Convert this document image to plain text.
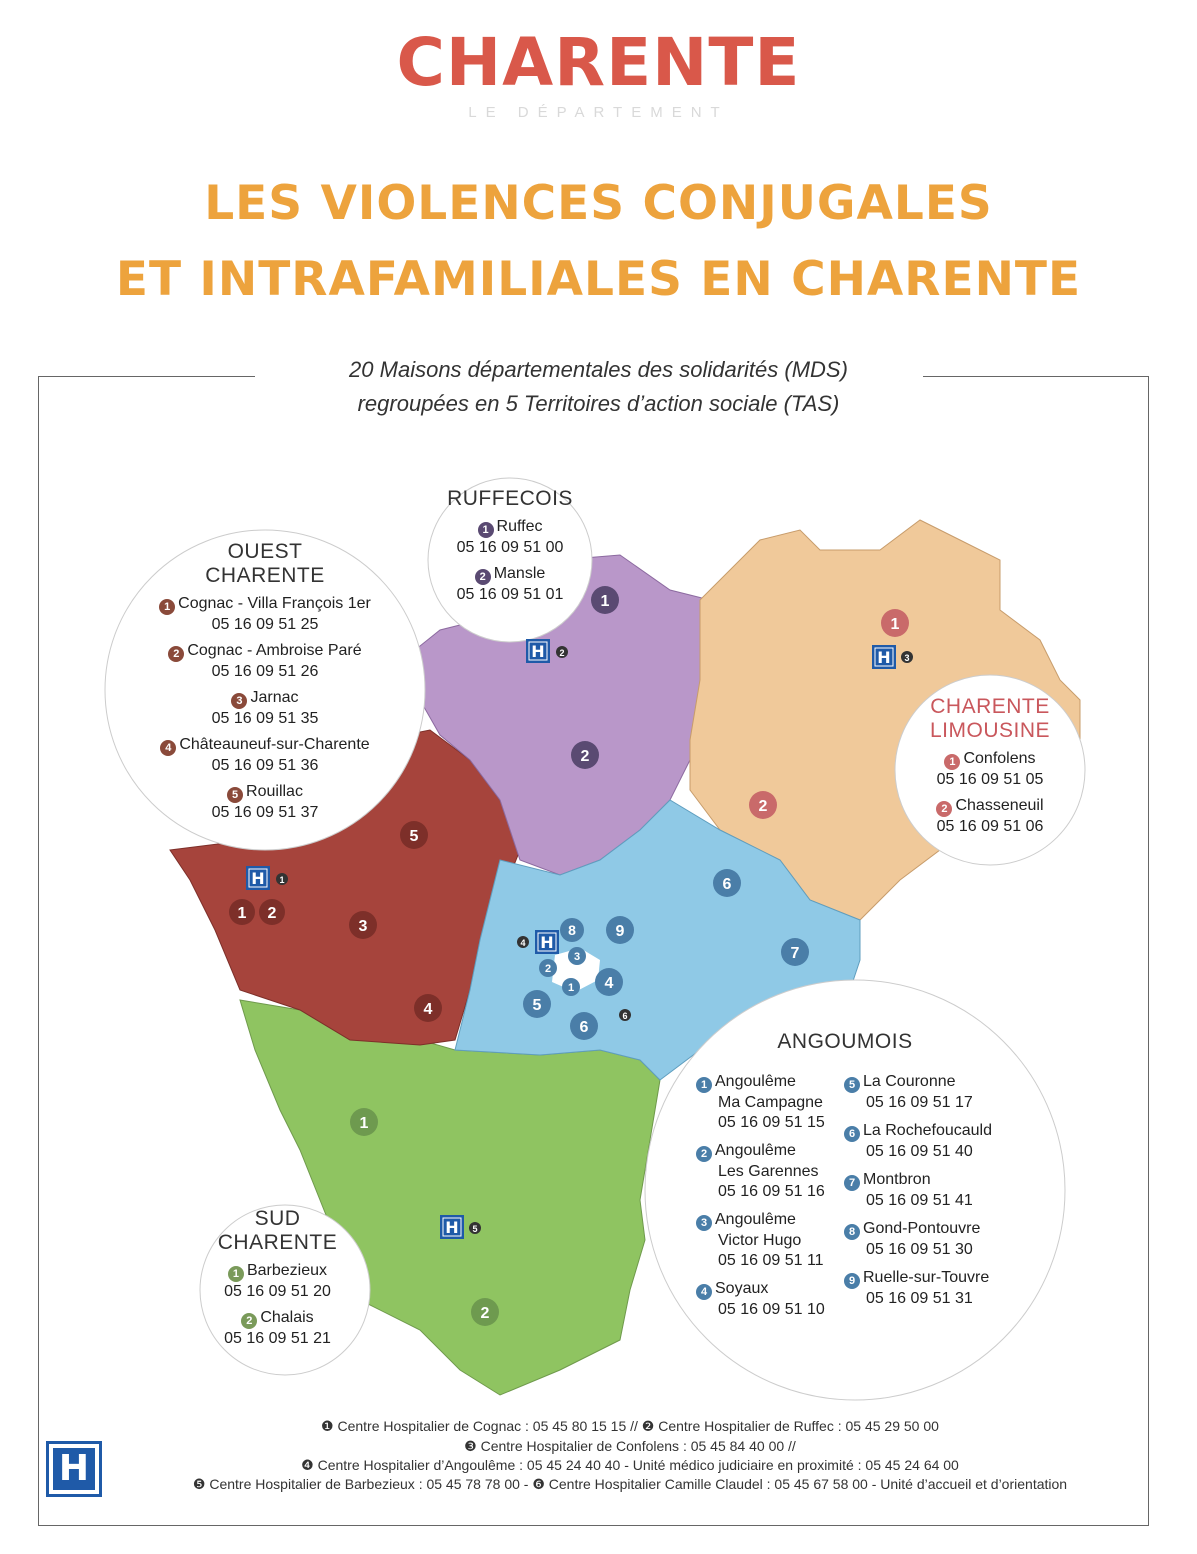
CHARENTE
LE DÉPARTEMENT
LES VIOLENCES CONJUGALES
ET INTRAFAMILIALES EN CHARENTE
20 Maisons départementales des solidarités (MDS)
regroupées en 5 Territoires d’action sociale (TAS)
1
2
1 2
3
4
5
1
2
1
2
3
4
5
6
7
8 9
6
1
2
H 1
H 2	H 3
4 H
H 5
6
RUFFECOIS
1 Ruffec
05 16 09 51 00
2 Mansle
05 16 09 51 01
OUEST
CHARENTE
1 Cognac - Villa François 1er
05 16 09 51 25
2 Cognac - Ambroise Paré
05 16 09 51 26
3 Jarnac
05 16 09 51 35
4 Châteauneuf-sur-Charente
05 16 09 51 36
5 Rouillac
05 16 09 51 37
CHARENTE
LIMOUSINE
1 Confolens
05 16 09 51 05
2 Chasseneuil
05 16 09 51 06
SUD
CHARENTE
1 Barbezieux
05 16 09 51 20
2 Chalais
05 16 09 51 21
ANGOUMOIS
1 Angoulême
Ma Campagne
05 16 09 51 15
2 Angoulême
Les Garennes
05 16 09 51 16
3 Angoulême
Victor Hugo
05 16 09 51 11
4 Soyaux
05 16 09 51 10
5 La Couronne
05 16 09 51 17
6 La Rochefoucauld
05 16 09 51 40
7 Montbron
05 16 09 51 41
8 Gond-Pontouvre
05 16 09 51 30
9 Ruelle-sur-Touvre
05 16 09 51 31
H
❶ Centre Hospitalier de Cognac : 05 45 80 15 15 // ❷ Centre Hospitalier de Ruffec : 05 45 29 50 00
❸ Centre Hospitalier de Confolens : 05 45 84 40 00 //
❹ Centre Hospitalier d’Angoulême : 05 45 24 40 40 - Unité médico judiciaire en proximité : 05 45 24 64 00
❺ Centre Hospitalier de Barbezieux : 05 45 78 78 00 - ❻ Centre Hospitalier Camille Claudel : 05 45 67 58 00 - Unité d’accueil et d’orientation
